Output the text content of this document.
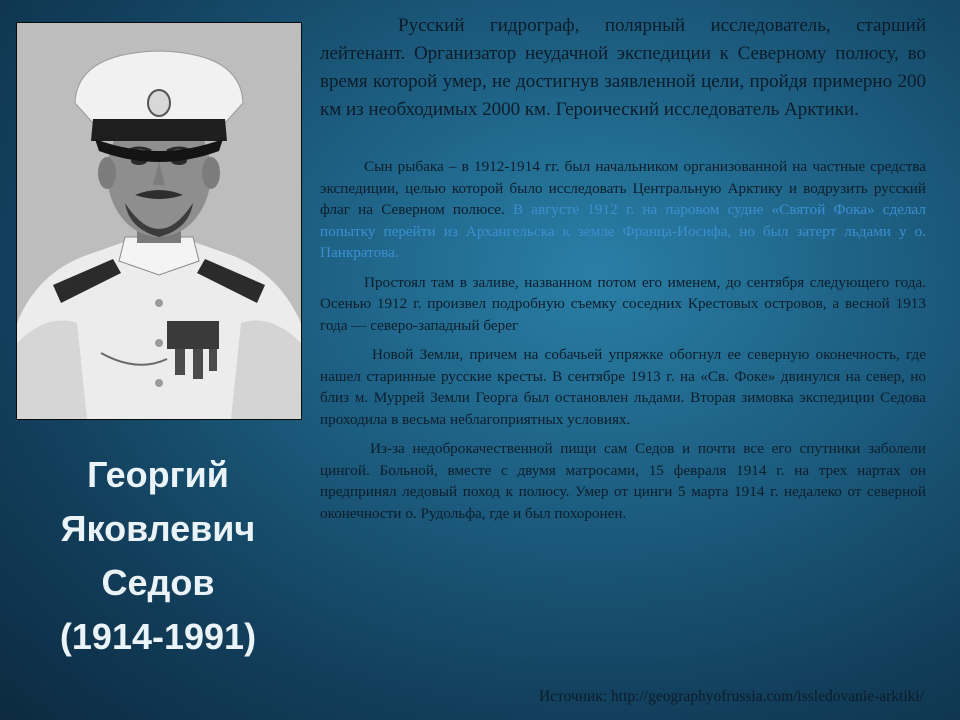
Георгий
Яковлевич
Седов
(1914-1991)

Русский гидрограф, полярный исследователь, старший лейтенант. Организатор неудачной экспедиции к Северному полюсу, во время которой умер, не достигнув заявленной цели, пройдя примерно 200 км из необходимых 2000 км. Героический исследователь Арктики.

Сын рыбака – в 1912-1914 гг. был начальником организованной на частные средства экспедиции, целью которой было исследовать Центральную Арктику и водрузить русский флаг на Северном полюсе. В августе 1912 г. на паровом судне «Святой Фока» сделал попытку перейти из Архангельска к земле Франца-Иосифа, но был затерт льдами у о. Панкратова.

Простоял там в заливе, названном потом его именем, до сентября следующего года. Осенью 1912 г. произвел подробную съемку соседних Крестовых островов, а весной 1913 года — северо-западный берег

Новой Земли, причем на собачьей упряжке обогнул ее северную оконечность, где нашел старинные русские кресты. В сентябре 1913 г. на «Св. Фоке» двинулся на север, но близ м. Муррей Земли Георга был остановлен льдами. Вторая зимовка экспедиции Седова проходила в весьма неблагоприятных условиях.

Из-за недоброкачественной пищи сам Седов и почти все его спутники заболели цингой. Больной, вместе с двумя матросами, 15 февраля 1914 г. на трех нартах он предпринял ледовый поход к полюсу. Умер от цинги 5 марта 1914 г. недалеко от северной оконечности о. Рудольфа, где и был похоронен.

Источник: http://geographyofrussia.com/issledovanie-arktiki/
